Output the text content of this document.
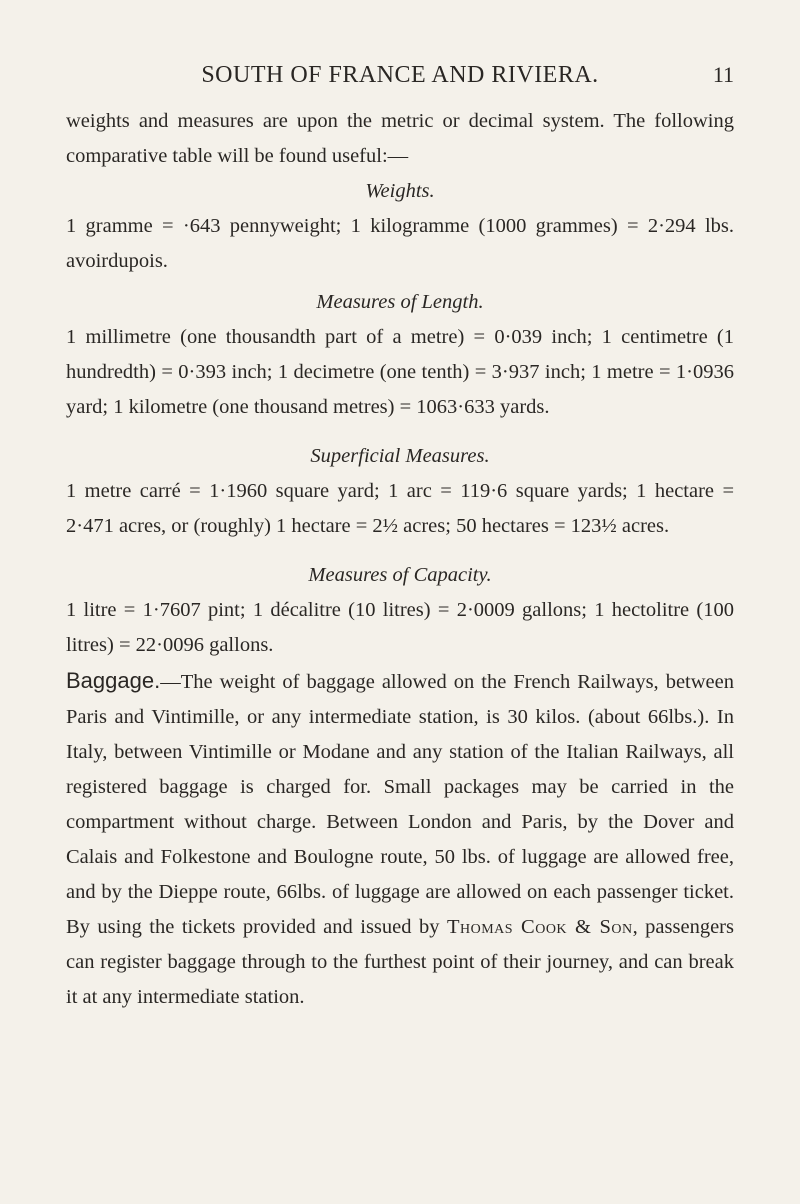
SOUTH OF FRANCE AND RIVIERA.	11

weights and measures are upon the metric or decimal system. The following comparative table will be found useful:—

Weights.

1 gramme = ·643 pennyweight; 1 kilogramme (1000 grammes) = 2·294 lbs. avoirdupois.

Measures of Length.

1 millimetre (one thousandth part of a metre) = 0·039 inch; 1 centimetre (1 hundredth) = 0·393 inch; 1 decimetre (one tenth) = 3·937 inch; 1 metre = 1·0936 yard; 1 kilometre (one thousand metres) = 1063·633 yards.

Superficial Measures.

1 metre carré = 1·1960 square yard; 1 arc = 119·6 square yards; 1 hectare = 2·471 acres, or (roughly) 1 hectare = 2½ acres; 50 hectares = 123½ acres.

Measures of Capacity.

1 litre = 1·7607 pint; 1 décalitre (10 litres) = 2·0009 gallons; 1 hectolitre (100 litres) = 22·0096 gallons.

Baggage.—The weight of baggage allowed on the French Railways, between Paris and Vintimille, or any intermediate station, is 30 kilos. (about 66lbs.). In Italy, between Vintimille or Modane and any station of the Italian Railways, all registered baggage is charged for. Small packages may be carried in the compartment without charge. Between London and Paris, by the Dover and Calais and Folkestone and Boulogne route, 50 lbs. of luggage are allowed free, and by the Dieppe route, 66lbs. of luggage are allowed on each passenger ticket. By using the tickets provided and issued by Thomas Cook & Son, passengers can register baggage through to the furthest point of their journey, and can break it at any intermediate station.
